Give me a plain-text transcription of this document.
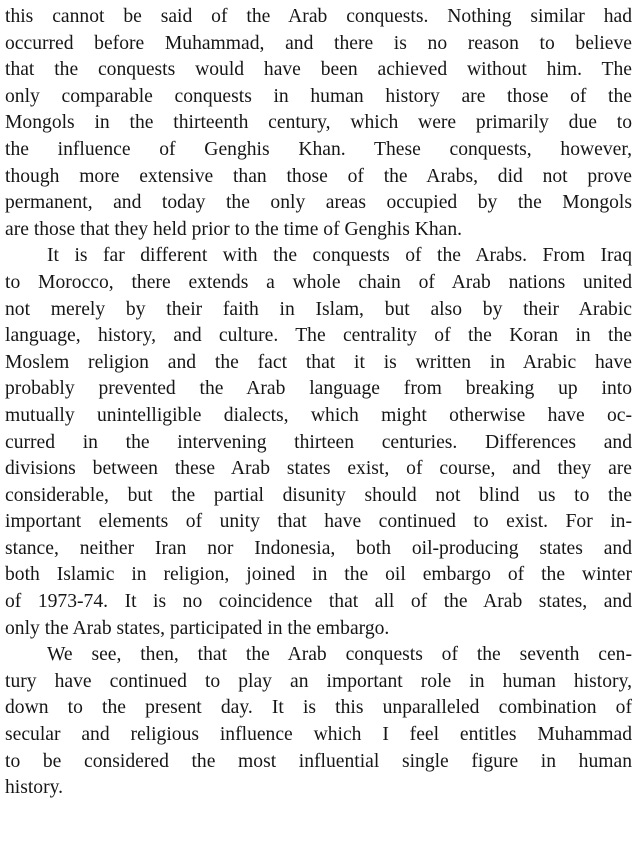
this cannot be said of the Arab conquests. Nothing similar had
occurred before Muhammad, and there is no reason to believe
that the conquests would have been achieved without him. The
only comparable conquests in human history are those of the
Mongols in the thirteenth century, which were primarily due to
the influence of Genghis Khan. These conquests, however,
though more extensive than those of the Arabs, did not prove
permanent, and today the only areas occupied by the Mongols
are those that they held prior to the time of Genghis Khan.
It is far different with the conquests of the Arabs. From Iraq
to Morocco, there extends a whole chain of Arab nations united
not merely by their faith in Islam, but also by their Arabic
language, history, and culture. The centrality of the Koran in the
Moslem religion and the fact that it is written in Arabic have
probably prevented the Arab language from breaking up into
mutually unintelligible dialects, which might otherwise have oc-
curred in the intervening thirteen centuries. Differences and
divisions between these Arab states exist, of course, and they are
considerable, but the partial disunity should not blind us to the
important elements of unity that have continued to exist. For in-
stance, neither Iran nor Indonesia, both oil-producing states and
both Islamic in religion, joined in the oil embargo of the winter
of 1973-74. It is no coincidence that all of the Arab states, and
only the Arab states, participated in the embargo.
We see, then, that the Arab conquests of the seventh cen-
tury have continued to play an important role in human history,
down to the present day. It is this unparalleled combination of
secular and religious influence which I feel entitles Muhammad
to be considered the most influential single figure in human
history.
